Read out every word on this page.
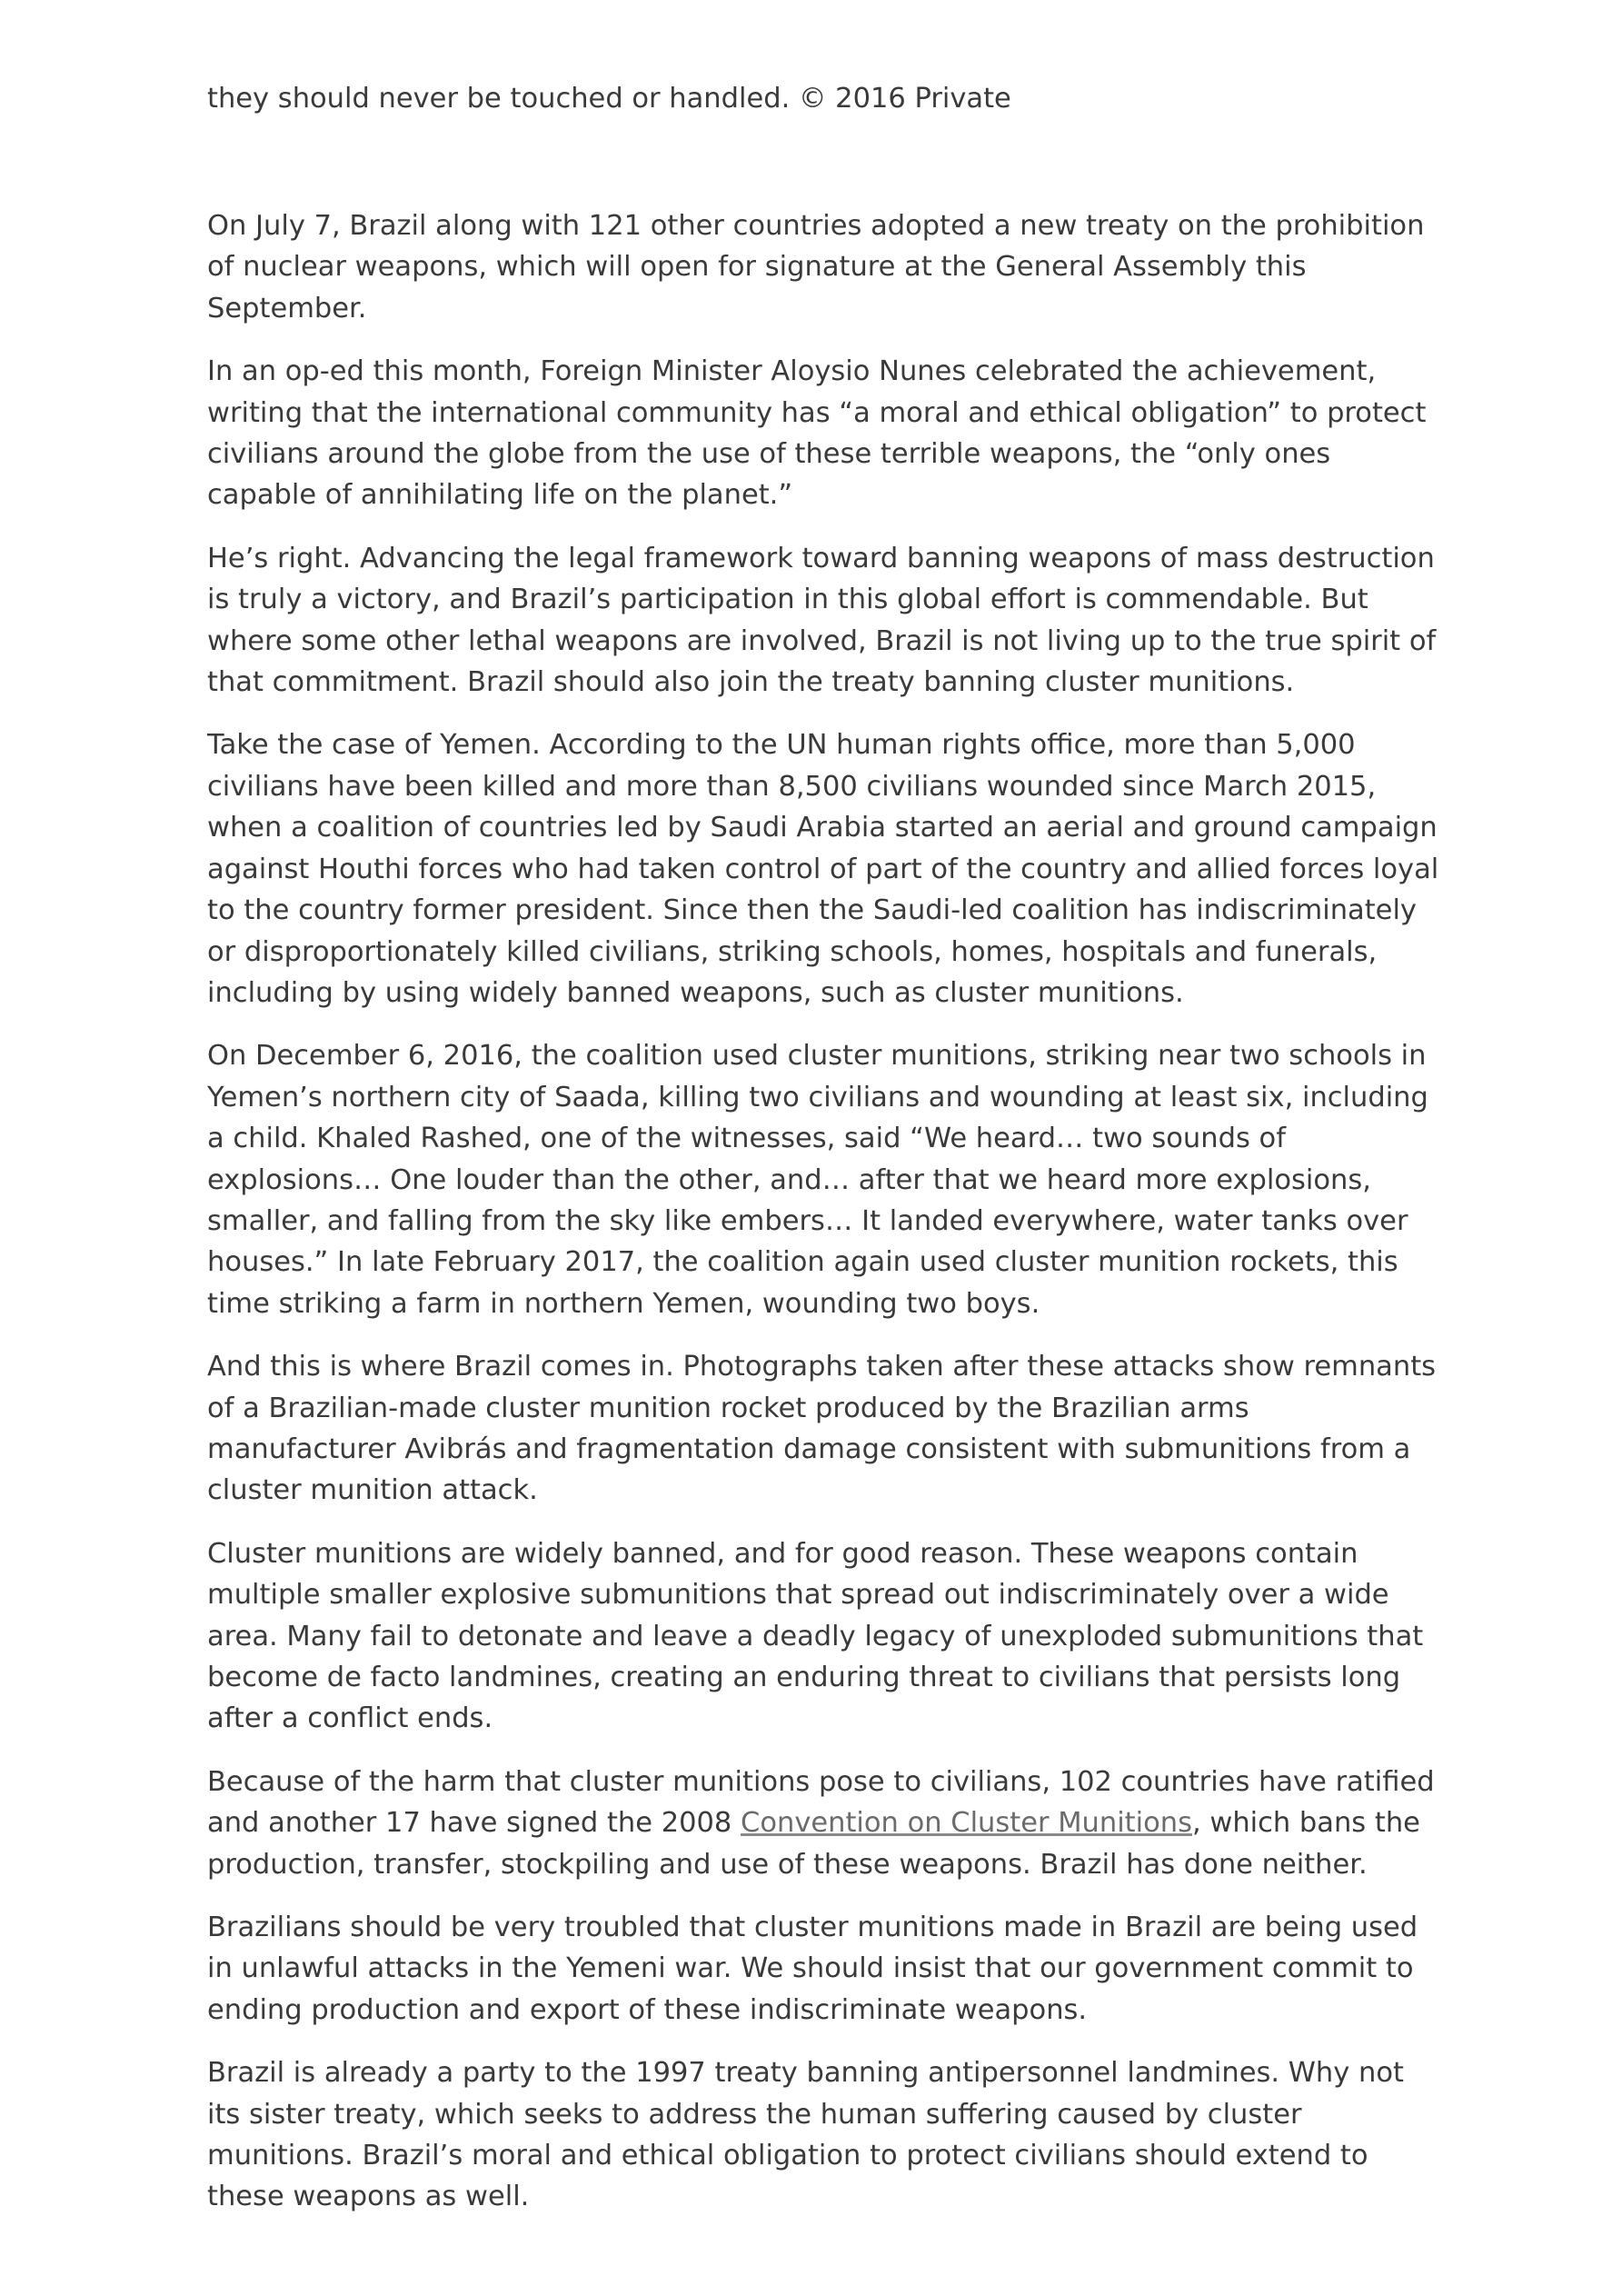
they should never be touched or handled. © 2016 Private

On July 7, Brazil along with 121 other countries adopted a new treaty on the prohibition of nuclear weapons, which will open for signature at the General Assembly this September.

In an op-ed this month, Foreign Minister Aloysio Nunes celebrated the achievement, writing that the international community has “a moral and ethical obligation” to protect civilians around the globe from the use of these terrible weapons, the “only ones capable of annihilating life on the planet.”

He’s right. Advancing the legal framework toward banning weapons of mass destruction is truly a victory, and Brazil’s participation in this global effort is commendable. But where some other lethal weapons are involved, Brazil is not living up to the true spirit of that commitment. Brazil should also join the treaty banning cluster munitions.

Take the case of Yemen. According to the UN human rights office, more than 5,000 civilians have been killed and more than 8,500 civilians wounded since March 2015, when a coalition of countries led by Saudi Arabia started an aerial and ground campaign against Houthi forces who had taken control of part of the country and allied forces loyal to the country former president. Since then the Saudi-led coalition has indiscriminately or disproportionately killed civilians, striking schools, homes, hospitals and funerals, including by using widely banned weapons, such as cluster munitions.

On December 6, 2016, the coalition used cluster munitions, striking near two schools in Yemen’s northern city of Saada, killing two civilians and wounding at least six, including a child. Khaled Rashed, one of the witnesses, said “We heard… two sounds of explosions… One louder than the other, and… after that we heard more explosions, smaller, and falling from the sky like embers… It landed everywhere, water tanks over houses.” In late February 2017, the coalition again used cluster munition rockets, this time striking a farm in northern Yemen, wounding two boys.

And this is where Brazil comes in. Photographs taken after these attacks show remnants of a Brazilian-made cluster munition rocket produced by the Brazilian arms manufacturer Avibrás and fragmentation damage consistent with submunitions from a cluster munition attack.

Cluster munitions are widely banned, and for good reason. These weapons contain multiple smaller explosive submunitions that spread out indiscriminately over a wide area. Many fail to detonate and leave a deadly legacy of unexploded submunitions that become de facto landmines, creating an enduring threat to civilians that persists long after a conflict ends.

Because of the harm that cluster munitions pose to civilians, 102 countries have ratified and another 17 have signed the 2008 Convention on Cluster Munitions, which bans the production, transfer, stockpiling and use of these weapons. Brazil has done neither.

Brazilians should be very troubled that cluster munitions made in Brazil are being used in unlawful attacks in the Yemeni war. We should insist that our government commit to ending production and export of these indiscriminate weapons.

Brazil is already a party to the 1997 treaty banning antipersonnel landmines. Why not its sister treaty, which seeks to address the human suffering caused by cluster munitions. Brazil’s moral and ethical obligation to protect civilians should extend to these weapons as well.
